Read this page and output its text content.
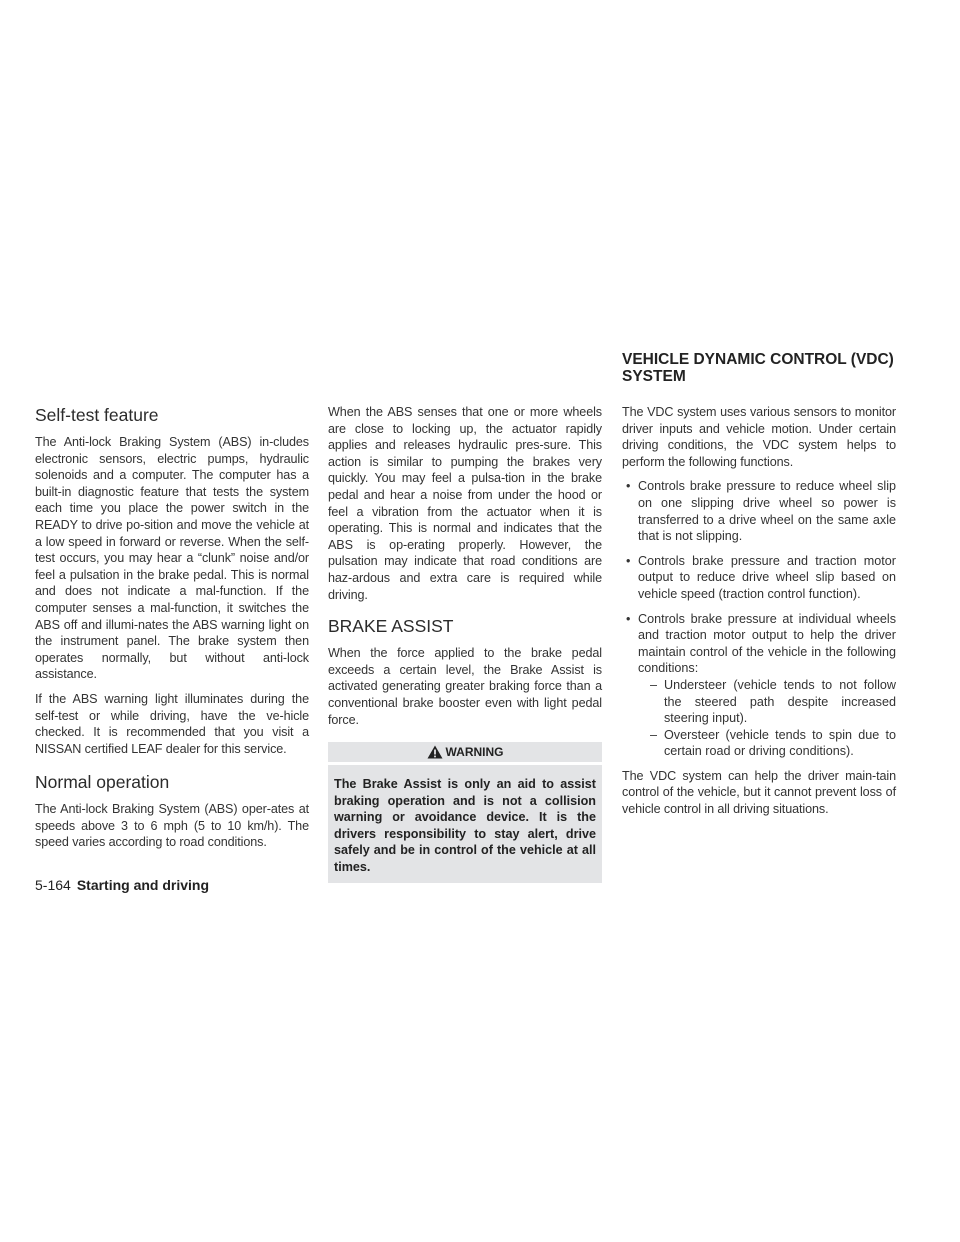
VEHICLE DYNAMIC CONTROL (VDC) SYSTEM
Self-test feature

The Anti-lock Braking System (ABS) in-cludes electronic sensors, electric pumps, hydraulic solenoids and a computer. The computer has a built-in diagnostic feature that tests the system each time you place the power switch in the READY to drive po-sition and move the vehicle at a low speed in forward or reverse. When the self-test occurs, you may hear a “clunk” noise and/or feel a pulsation in the brake pedal. This is normal and does not indicate a mal-function. If the computer senses a mal-function, it switches the ABS off and illumi-nates the ABS warning light on the instrument panel. The brake system then operates normally, but without anti-lock assistance.

If the ABS warning light illuminates during the self-test or while driving, have the ve-hicle checked. It is recommended that you visit a NISSAN certified LEAF dealer for this service.

Normal operation

The Anti-lock Braking System (ABS) oper-ates at speeds above 3 to 6 mph (5 to 10 km/h). The speed varies according to road conditions.

When the ABS senses that one or more wheels are close to locking up, the actuator rapidly applies and releases hydraulic pres-sure. This action is similar to pumping the brakes very quickly. You may feel a pulsa-tion in the brake pedal and hear a noise from under the hood or feel a vibration from the actuator when it is operating. This is normal and indicates that the ABS is op-erating properly. However, the pulsation may indicate that road conditions are haz-ardous and extra care is required while driving.

BRAKE ASSIST

When the force applied to the brake pedal exceeds a certain level, the Brake Assist is activated generating greater braking force than a conventional brake booster even with light pedal force.

WARNING
The Brake Assist is only an aid to assist braking operation and is not a collision warning or avoidance device. It is the drivers responsibility to stay alert, drive safely and be in control of the vehicle at all times.

The VDC system uses various sensors to monitor driver inputs and vehicle motion. Under certain driving conditions, the VDC system helps to perform the following functions.

• Controls brake pressure to reduce wheel slip on one slipping drive wheel so power is transferred to a drive wheel on the same axle that is not slipping.
• Controls brake pressure and traction motor output to reduce drive wheel slip based on vehicle speed (traction control function).
• Controls brake pressure at individual wheels and traction motor output to help the driver maintain control of the vehicle in the following conditions:
– Understeer (vehicle tends to not follow the steered path despite increased steering input).
– Oversteer (vehicle tends to spin due to certain road or driving conditions).

The VDC system can help the driver main-tain control of the vehicle, but it cannot prevent loss of vehicle control in all driving situations.

5-164 Starting and driving
